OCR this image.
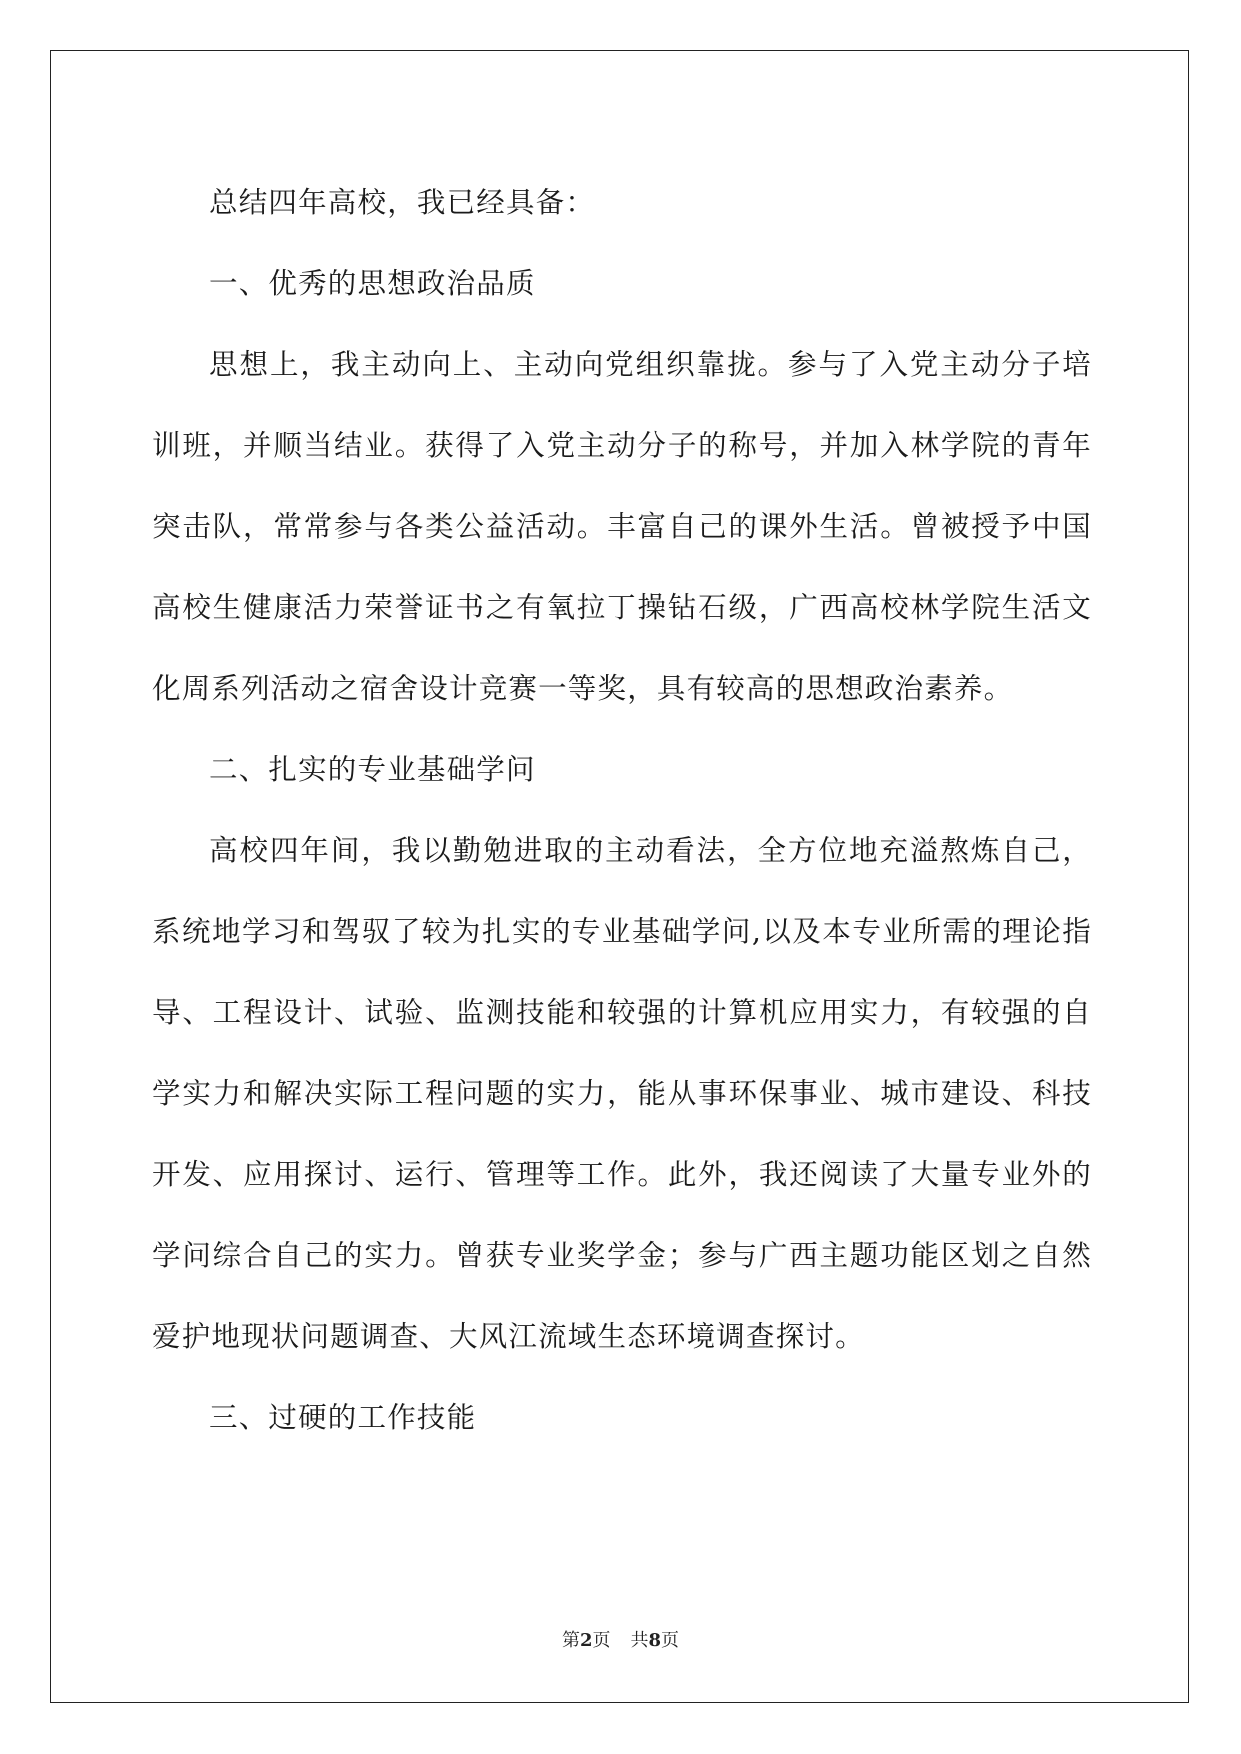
总结四年高校，我已经具备：

一、优秀的思想政治品质

思想上，我主动向上、主动向党组织靠拢。参与了入党主动分子培训班，并顺当结业。获得了入党主动分子的称号，并加入林学院的青年突击队，常常参与各类公益活动。丰富自己的课外生活。曾被授予中国高校生健康活力荣誉证书之有氧拉丁操钻石级，广西高校林学院生活文化周系列活动之宿舍设计竞赛一等奖，具有较高的思想政治素养。

二、扎实的专业基础学问

高校四年间，我以勤勉进取的主动看法，全方位地充溢熬炼自己，系统地学习和驾驭了较为扎实的专业基础学问,以及本专业所需的理论指导、工程设计、试验、监测技能和较强的计算机应用实力，有较强的自学实力和解决实际工程问题的实力，能从事环保事业、城市建设、科技开发、应用探讨、运行、管理等工作。此外，我还阅读了大量专业外的学问综合自己的实力。曾获专业奖学金；参与广西主题功能区划之自然爱护地现状问题调查、大风江流域生态环境调查探讨。

三、过硬的工作技能

第2页 共8页
